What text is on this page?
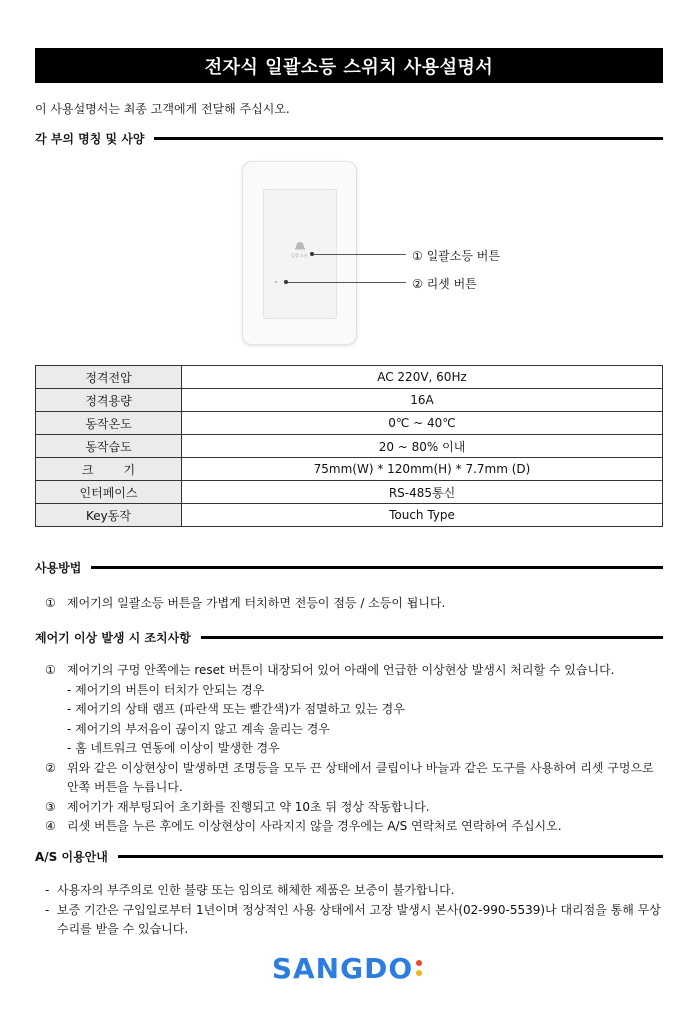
전자식 일괄소등 스위치 사용설명서
이 사용설명서는 최종 고객에게 전달해 주십시오.
각 부의 명칭 및 사양
일괄 소등	① 일괄소등 버튼
② 리셋 버튼
정격전압	AC 220V, 60Hz
정격용량	16A
동작온도	0℃ ~ 40℃
동작습도	20 ~ 80% 이내
크기	75mm(W) * 120mm(H) * 7.7mm (D)
인터페이스	RS-485통신
Key동작	Touch Type
사용방법
① 제어기의 일괄소등 버튼을 가볍게 터치하면 전등이 점등 / 소등이 됩니다.
제어기 이상 발생 시 조치사항
① 제어기의 구멍 안쪽에는 reset 버튼이 내장되어 있어 아래에 언급한 이상현상 발생시 처리할 수 있습니다.
- 제어기의 버튼이 터치가 안되는 경우
- 제어기의 상태 램프 (파란색 또는 빨간색)가 점멸하고 있는 경우
- 제어기의 부저음이 끊이지 않고 계속 울리는 경우
- 홈 네트워크 연동에 이상이 발생한 경우
② 위와 같은 이상현상이 발생하면 조명등을 모두 끈 상태에서 클립이나 바늘과 같은 도구를 사용하여 리셋 구멍으로
안쪽 버튼을 누릅니다.
③ 제어기가 재부팅되어 초기화를 진행되고 약 10초 뒤 정상 작동합니다.
④ 리셋 버튼을 누른 후에도 이상현상이 사라지지 않을 경우에는 A/S 연락처로 연락하여 주십시오.
A/S 이용안내
- 사용자의 부주의로 인한 불량 또는 임의로 해체한 제품은 보증이 불가합니다.
- 보증 기간은 구입일로부터 1년이며 정상적인 사용 상태에서 고장 발생시 본사(02-990-5539)나 대리점을 통해 무상
수리를 받을 수 있습니다.
SANGDO
